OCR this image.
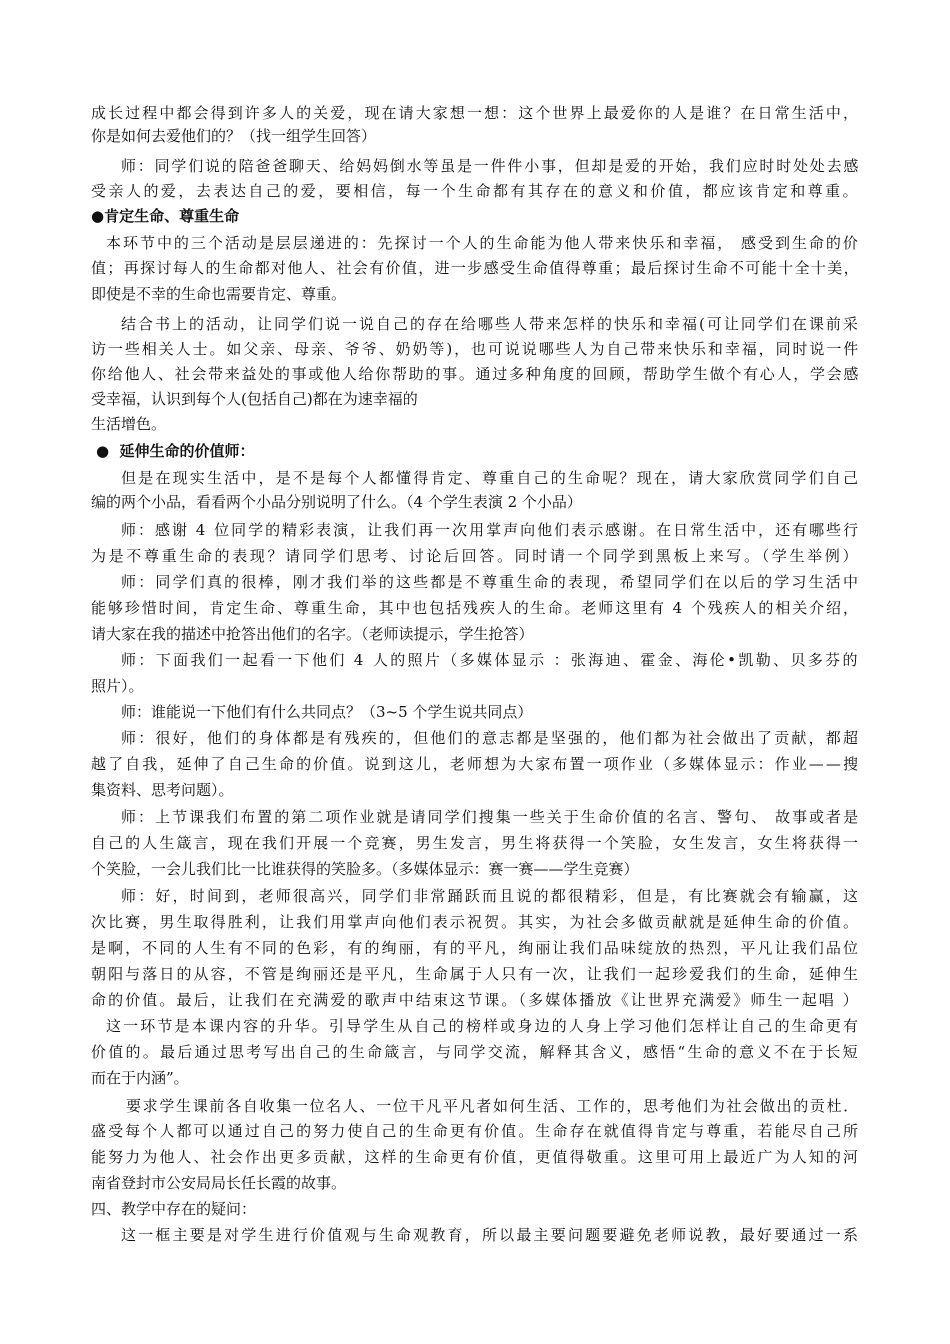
成长过程中都会得到许多人的关爱，现在请大家想一想：这个世界上最爱你的人是谁？在日常生活中，
你是如何去爱他们的？（找一组学生回答）
师：同学们说的陪爸爸聊天、给妈妈倒水等虽是一件件小事，但却是爱的开始，我们应时时处处去感
受亲人的爱，去表达自己的爱，要相信，每一个生命都有其存在的意义和价值，都应该肯定和尊重。
●肯定生命、尊重生命
本环节中的三个活动是层层递进的：先探讨一个人的生命能为他人带来快乐和幸福， 感受到生命的价
值；再探讨每人的生命都对他人、社会有价值，进一步感受生命值得尊重；最后探讨生命不可能十全十美，
即使是不幸的生命也需要肯定、尊重。
结合书上的活动，让同学们说一说自己的存在给哪些人带来怎样的快乐和幸福(可让同学们在课前采
访一些相关人士。如父亲、母亲、爷爷、奶奶等)，也可说说哪些人为自己带来快乐和幸福，同时说一件
你给他人、社会带来益处的事或他人给你帮助的事。通过多种角度的回顾，帮助学生做个有心人，学会感
受幸福，认识到每个人(包括自己)都在为速幸福的
生活增色。
●  延伸生命的价值师：
但是在现实生活中，是不是每个人都懂得肯定、尊重自己的生命呢？现在，请大家欣赏同学们自己
编的两个小品，看看两个小品分别说明了什么。（4 个学生表演 2 个小品）
师：感谢 4 位同学的精彩表演，让我们再一次用掌声向他们表示感谢。在日常生活中，还有哪些行
为是不尊重生命的表现？请同学们思考、讨论后回答。同时请一个同学到黑板上来写。（学生举例）
师：同学们真的很棒，刚才我们举的这些都是不尊重生命的表现，希望同学们在以后的学习生活中
能够珍惜时间，肯定生命、尊重生命，其中也包括残疾人的生命。老师这里有 4 个残疾人的相关介绍，
请大家在我的描述中抢答出他们的名字。（老师读提示，学生抢答）
师：下面我们一起看一下他们 4 人的照片（多媒体显示 ：张海迪、霍金、海伦•凯勒、贝多芬的
照片）。
师：谁能说一下他们有什么共同点？（3~5 个学生说共同点）
师：很好，他们的身体都是有残疾的，但他们的意志都是坚强的，他们都为社会做出了贡献，都超
越了自我，延伸了自己生命的价值。说到这儿，老师想为大家布置一项作业（多媒体显示：作业——搜
集资料、思考问题）。
师：上节课我们布置的第二项作业就是请同学们搜集一些关于生命价值的名言、警句、 故事或者是
自己的人生箴言，现在我们开展一个竞赛，男生发言，男生将获得一个笑脸，女生发言，女生将获得一
个笑脸，一会儿我们比一比谁获得的笑脸多。（多媒体显示：赛一赛——学生竞赛）
师：好，时间到，老师很高兴，同学们非常踊跃而且说的都很精彩，但是，有比赛就会有输赢，这
次比赛，男生取得胜利，让我们用掌声向他们表示祝贺。其实，为社会多做贡献就是延伸生命的价值。
是啊，不同的人生有不同的色彩，有的绚丽，有的平凡，绚丽让我们品味绽放的热烈，平凡让我们品位
朝阳与落日的从容，不管是绚丽还是平凡，生命属于人只有一次，让我们一起珍爱我们的生命，延伸生
命的价值。最后，让我们在充满爱的歌声中结束这节课。（多媒体播放《让世界充满爱》师生一起唱 ）
这一环节是本课内容的升华。引导学生从自己的榜样或身边的人身上学习他们怎样让自己的生命更有
价值的。最后通过思考写出自己的生命箴言，与同学交流，解释其含义，感悟“生命的意义不在于长短
而在于内涵”。
要求学生课前各自收集一位名人、一位干凡平凡者如何生活、工作的，思考他们为社会做出的贡杜．
盛受每个人都可以通过自己的努力使自己的生命更有价值。生命存在就值得肯定与尊重，若能尽自己所
能努力为他人、社会作出更多贡献，这样的生命更有价值，更值得敬重。这里可用上最近广为人知的河
南省登封市公安局局长任长霞的故事。
四、教学中存在的疑问：
这一框主要是对学生进行价值观与生命观教育，所以最主要问题要避免老师说教，最好要通过一系
